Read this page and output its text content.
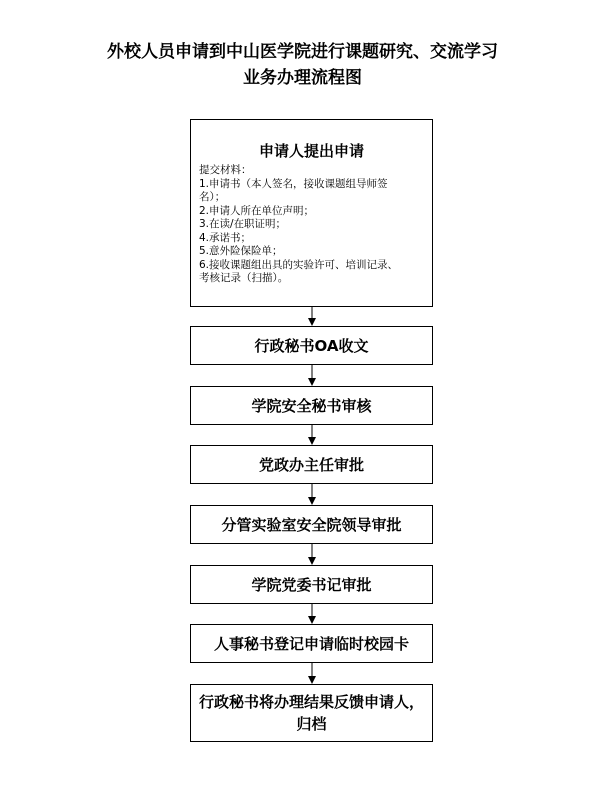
外校人员申请到中山医学院进行课题研究、交流学习
业务办理流程图
申请人提出申请
提交材料：
1.申请书（本人签名，接收课题组导师签
名）；
2.申请人所在单位声明；
3.在读/在职证明；
4.承诺书；
5.意外险保险单；
6.接收课题组出具的实验许可、培训记录、
考核记录（扫描）。
行政秘书OA收文
学院安全秘书审核
党政办主任审批
分管实验室安全院领导审批
学院党委书记审批
人事秘书登记申请临时校园卡
行政秘书将办理结果反馈申请人，归档
